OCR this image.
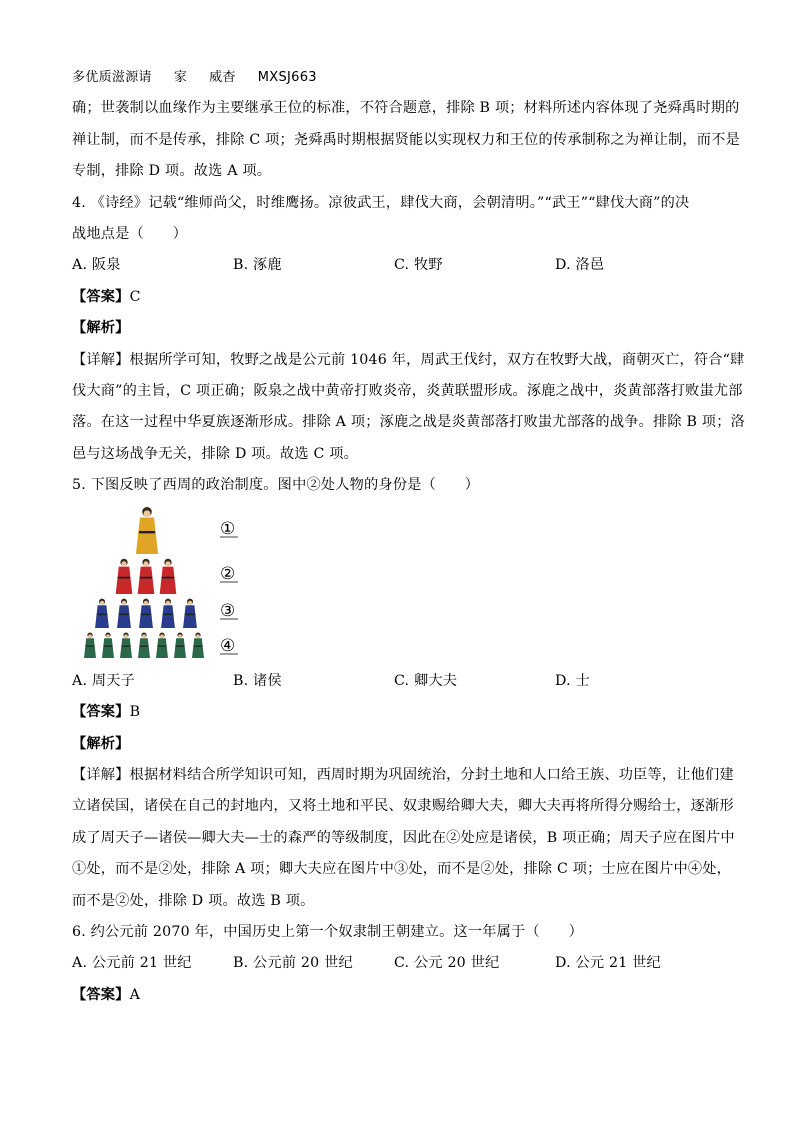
多优质滋源请 家 威杳 MXSJ663
确；世袭制以血缘作为主要继承王位的标准，不符合题意，排除 B 项；材料所述内容体现了尧舜禹时期的
禅让制，而不是传承，排除 C 项；尧舜禹时期根据贤能以实现权力和王位的传承制称之为禅让制，而不是
专制，排除 D 项。故选 A 项。
4. 《诗经》记载“维师尚父，时维鹰扬。凉彼武王，肆伐大商，会朝清明。”“武王”“肆伐大商”的决
战地点是（　　）
A. 阪泉	B. 涿鹿	C. 牧野	D. 洛邑
【答案】C
【解析】
【详解】根据所学可知，牧野之战是公元前 1046 年，周武王伐纣，双方在牧野大战，商朝灭亡，符合“肆
伐大商”的主旨，C 项正确；阪泉之战中黄帝打败炎帝，炎黄联盟形成。涿鹿之战中，炎黄部落打败蚩尤部
落。在这一过程中华夏族逐渐形成。排除 A 项；涿鹿之战是炎黄部落打败蚩尤部落的战争。排除 B 项；洛
邑与这场战争无关，排除 D 项。故选 C 项。
5. 下图反映了西周的政治制度。图中②处人物的身份是（　　）
①
②
③
④
A. 周天子	B. 诸侯	C. 卿大夫	D. 士
【答案】B
【解析】
【详解】根据材料结合所学知识可知，西周时期为巩固统治，分封土地和人口给王族、功臣等，让他们建
立诸侯国，诸侯在自己的封地内，又将土地和平民、奴隶赐给卿大夫，卿大夫再将所得分赐给士，逐渐形
成了周天子—诸侯—卿大夫—士的森严的等级制度，因此在②处应是诸侯，B 项正确；周天子应在图片中
①处，而不是②处，排除 A 项；卿大夫应在图片中③处，而不是②处，排除 C 项；士应在图片中④处，
而不是②处，排除 D 项。故选 B 项。
6. 约公元前 2070 年，中国历史上第一个奴隶制王朝建立。这一年属于（　　）
A. 公元前 21 世纪	B. 公元前 20 世纪	C. 公元 20 世纪	D. 公元 21 世纪
【答案】A
